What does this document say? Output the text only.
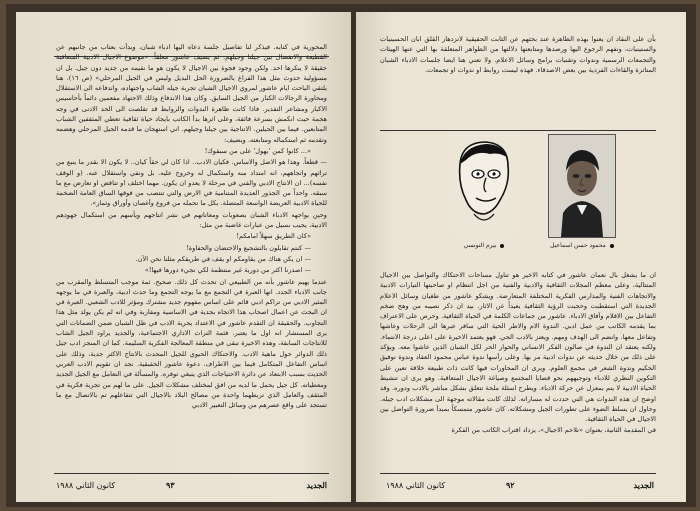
المحورية في كتابه. فيذكر لنا تفاصيل جلسة دعاه اليها ادباء شبان، ويدأت بعتاب من جانبهم عن القطيعة والانفصال بين جيلنا وجيلهم. ثم يضيف عاشور معلقاً: «موضوع الاجيال الادبية المتعاقبة حقيقة لا ينكرها احد. ولكن وجود فجوة بين الاجيال لا يكون هو ما نقيمه من جديد دون جيل. بل ان مسؤولية حدوث مثل هذا الفراغ بالضرورة الحل البديل وليس في الجيل المرحلي» (ص ١٦). هنا يلتقي الباحث ايام عاشور لمروي الاجيال الشبان تجربة جيله الشاب واجتهاده، واندفاعه الى الاستقلال ومحاورة الرجالات الكبار من الجيل السابق. وكان هذا الاندفاع وذلك الاجتهاد مفعمين دائماً بأحاسيس الاكبار ومشاعر التقدير. فاذا كانت ظاهرة الندوات والروابط قد تقلصت الى الحد الادنى في وجه هجمة حيث انكمش بسرعة فائقة، وعلى اثرها بدأ الكاتب بايجاد حياة ثقافية تعطي المثقفين الشباب المتابعين. فيما بين الجيلين. الانتاجية بين جيلنا وجيلهم. اني استهجان ما قدمه الجيل المرحلي وهضمه وتقدمه ثم استكماله ومتابعته. ويضيف:

«... كانوا كمن 'يهول' على من سبقوك!

— قطعاً. وهذا هو الاصل والاساس. فكيان الادب.. اذا كان لي حقاً كيان.. لا يكون الا بقدر ما ينبع من تراثهم واتجاههم، انه امتداد منه واستكمال له وخروج عليه. بل ونفي واستقلال عنه. (و الوقف نفسه)... ان الانتاج الادبي والفني في مرحلة لا يعدو ان يكون. مهما اختلف او تناقض او تعارض مع ما سبقه. واحداً من الجذور العديدة المتنامية في الارض والتي تنتصب من فوقها الساق العامة الضخمة للحياة الادبية العريضة الواسعة المتصلة. بكل ما تحمله من فروع وأغصان وأوراق وثمار».

وحين يواجهه الادباء الشبان بصعوبات ومعاناتهم في نشر انتاجهم ويأسهم من استكمال جهودهم الادبية، يجيب بسيل من عبارات غاضبة من مثل:

«كان الطريق سهلاً امامكم!

— كنتم تقابلون بالتشجيع والاحتضان والحفاوة!

— ان يكن هناك من يقاومكم او يقف في طريقكم مثلنا نحن الآن.

— اصدرنا اكثر من دورية غير منتظمة لكي نجيء دورها فيها!»

عندما يهيم عاشور بأنه من الطبيعي ان تحدث كل ذلك. صحيح. ثمة موجب المتسلط والمقرب من جانب الادباء الجدد. انها العبرة في التجمع مع ما يوجه التجمع وما حدث ادبية، والعبرة في ما يوجهه المثير الادبي من تراكم ادبي قائم على اساس مفهوم جديد مشترك ومؤثر للادب الشعبي. العبرة في ان البحث عن اعمال اصحاب هذا الاتجاه بجدية في الاساسية ومقاربة وفي انه لم يكن يولد مثل هذا التجاوب. والحقيقة ان التقدم عاشور في الاعتداد بحرية الادب في ظل الشبان ضمن الضمانات التي يرى المستشار انه اول ما يعتبر. فثمة التراث الاداري الاجتماعية، والجديد يراود الجيل الشاب للانتاجات السابقة، وهذه الاخيرة تبقى في منطقة المعالجة الفكرية السليمة. كما ان المنجز ادب جيل ذلك الدوائر حول ماهية الادب. والاحتكاك الحيوي للجيل المحدث بالانتاج الاكثر جدية، وذلك على اساس التفاعل المتكامل فيما بين الاطراف. دعوة عاشور الحقيقية. نجد ان تقويم الادب العربي الحديث بسبب الابتعاد عن دائرة الاحتياجات الذي ينبغي توفره. والمسألة في التعامل مع الجيل الجديد ومعطياته. كل جيل يحمل ما لديه من افق لمختلف مشكلات الجيل. على ما لهم من تجربة فكرية في المثقف والعامل الذي تربطهما واحدة من مصالح البلاد بالاجيال التي تتفاعلهم تم بالاتصال مع ما تستجد على واقع عصرهم من وسائل التعبير الادبي

الجديد
٩٣
كانون الثاني ١٩٨٨
بأن على النقاد ان يعنوا بهذه الظاهرة عند بحثهم عن الثابت الحقيقية لانزدهار القلق ابان الحسينيات والستينيات، ونفهم الرجوع اليها ورصدها ومتابعتها دلالتها من الظواهر المتعلقة بها التي عنها الهيئات والتجمعات الرسمية وندوات وتقنيات برامج وسائل الاعلام. ولا تعني هنا ايضا جلسات الادباء الشبان المتاثرة والقاءات الفردية بين بعض الاصدقاء. فهذه ليست روابط او ندوات او تجمعات.
محمود حسن اسماعيل
بيرم التونسي

ان ما يشغل بال نعمان عاشور في كتابه الاخير هو تناول مساحات الاحتكاك والتواصل بين الاجيال المتتالية، وعلى معظم المجلات الثقافية والادبية والفنية من اجل انتظام او صاحبتها التيارات الادبية والاتجاهات الفنية والمدارس الفكرية المختلفة المتعارضة. ويشكو عاشور من طغيان وسائل الاعلام الجديدة التي استقطبت وحجبت الرؤية الثقافية بعيداً عن الاثار. بيد ان ذكر نصيبه من وهج ضخم التفاعل بين الاقلام وآفاق الادباء. عاشور من جماعات الكلمة في الحياة الثقافية. وحرص على الاعتراف بما يقدمه الكاتب من عمل ادبي. الندوة الام والاطر الحية التي سافر عبرها الى الرحلات وعاشها وتفاعل معها. وانضم الى الهدف ومهم. ويعتز بالادب الحي. فهو يعتمد الاخيرة على اعلى درجة الانتماء. ولكنه يعتقد ان الندوة في صالون الفكر الانساني والحوار الحر لكل الشبان الذين عاشوا معه. ويؤكد على ذلك من خلال حديثه عن ندوات ادبية مر بها. وعلى رأسها ندوة عباس محمود العقاد وندوة توفيق الحكيم وندوة الشعر في مجمع العلوم. ويرى ان المحاورات فيها كانت ذات طبيعة خلاقة تعين على التكوين النظري للادباء وتوجيههم نحو قضايا المجتمع وصياغة الاجيال المتعاقبة. وهو يرى ان تنشيط الحياة الادبية لا يتم بمعزل عن حركة الادباء. ويطرح اسئلة ملحة تتعلق بشكل مباشر بالادب ودوره. وقد اوضح ان هذه الندوات هي التي حددت له مساراته. لذلك كانت مقالاته موجهة الى مشكلات ادب جيله. وحاول ان يسلط الضوء على تطورات الجيل ومشكلاته. كان عاشور متمسكاً بمبدأ ضرورة التواصل بين الاجيال في الحياة الثقافية.

في المقدمة الثانية، بعنوان «تلاحم الاجيال»، يزداد اقتراب الكاتب من الفكرة

الجديد
٩٢
كانون الثاني ١٩٨٨
